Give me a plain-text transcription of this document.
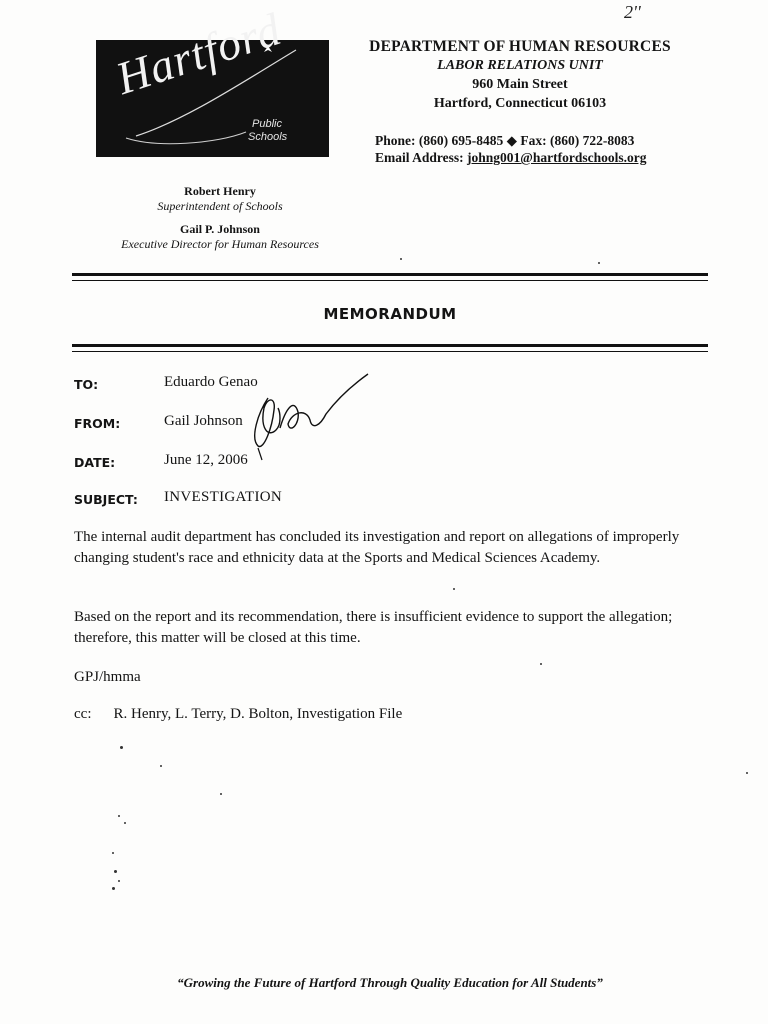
2''
Hartford
Public
Schools
DEPARTMENT OF HUMAN RESOURCES
LABOR RELATIONS UNIT
960 Main Street
Hartford, Connecticut 06103
Phone: (860) 695-8485 ◆ Fax: (860) 722-8083
Email Address: johng001@hartfordschools.org
Robert Henry
Superintendent of Schools
Gail P. Johnson
Executive Director for Human Resources
MEMORANDUM
TO:	Eduardo Genao
FROM:	Gail Johnson
DATE:	June 12, 2006
SUBJECT: INVESTIGATION
The internal audit department has concluded its investigation and report on allegations of improperly changing student's race and ethnicity data at the Sports and Medical Sciences Academy.
Based on the report and its recommendation, there is insufficient evidence to support the allegation; therefore, this matter will be closed at this time.
GPJ/hmma
cc: R. Henry, L. Terry, D. Bolton, Investigation File
“Growing the Future of Hartford Through Quality Education for All Students”
